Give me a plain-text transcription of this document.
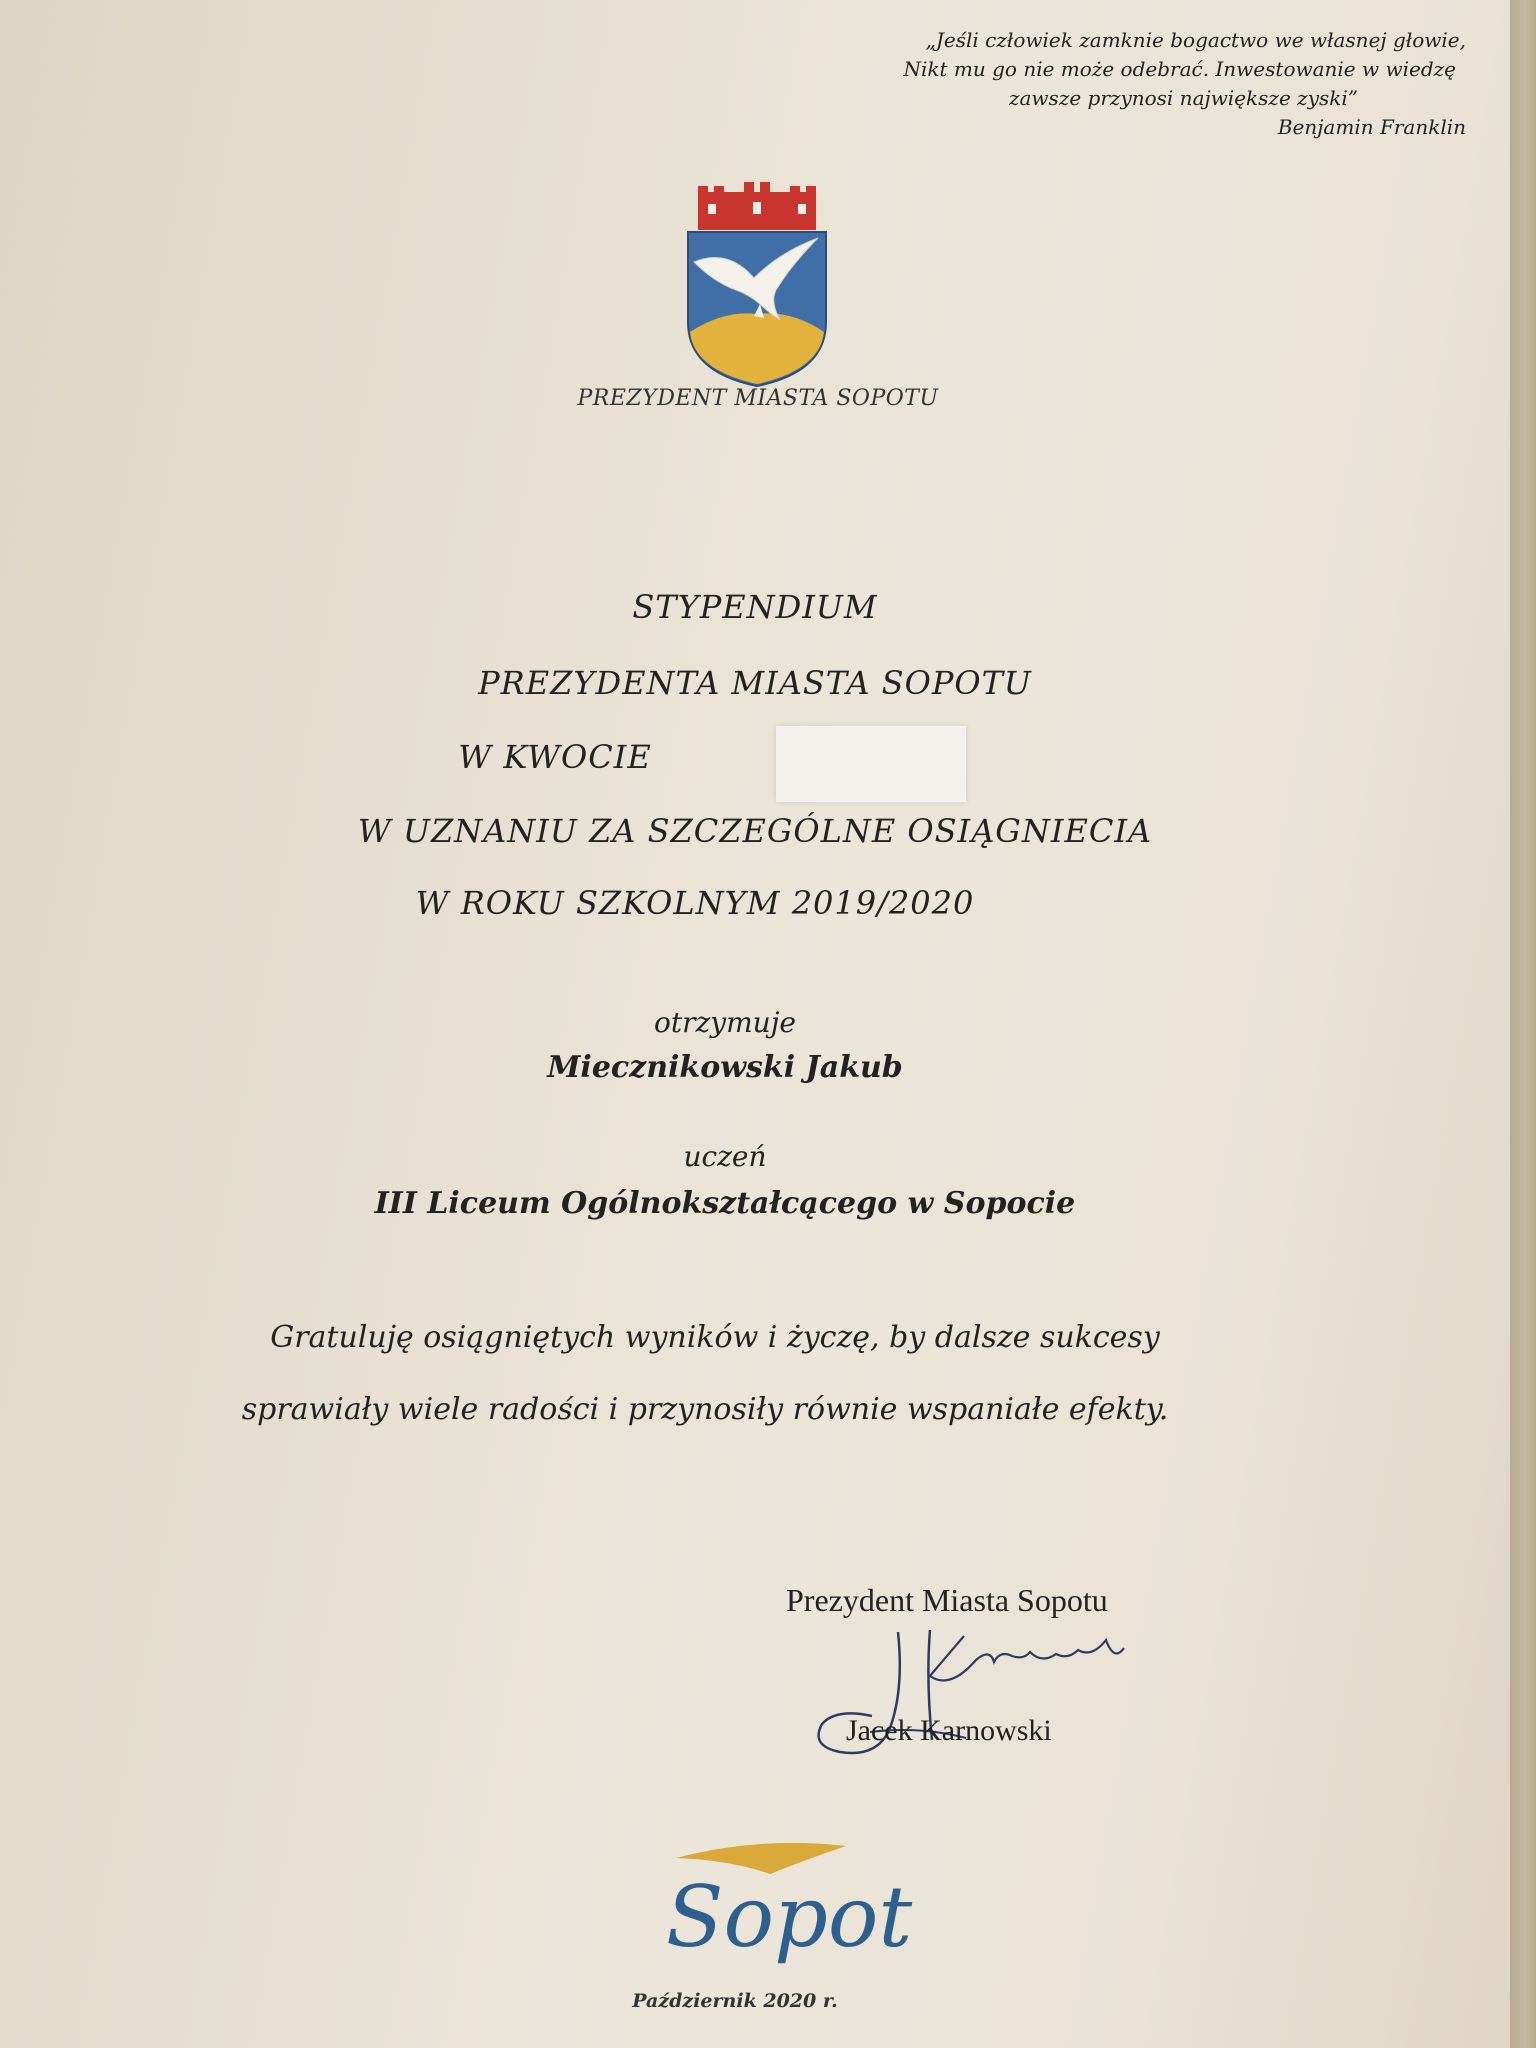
„Jeśli człowiek zamknie bogactwo we własnej głowie,
Nikt mu go nie może odebrać. Inwestowanie w wiedzę
zawsze przynosi największe zyski”
Benjamin Franklin
PREZYDENT MIASTA SOPOTU
STYPENDIUM
PREZYDENTA MIASTA SOPOTU
W KWOCIE
W UZNANIU ZA SZCZEGÓLNE OSIĄGNIECIA
W ROKU SZKOLNYM 2019/2020
otrzymuje
Miecznikowski Jakub
uczeń
III Liceum Ogólnokształcącego w Sopocie
Gratuluję osiągniętych wyników i życzę, by dalsze sukcesy
sprawiały wiele radości i przynosiły równie wspaniałe efekty.
Prezydent Miasta Sopotu
Jacek Karnowski
Sopot
Październik 2020 r.
